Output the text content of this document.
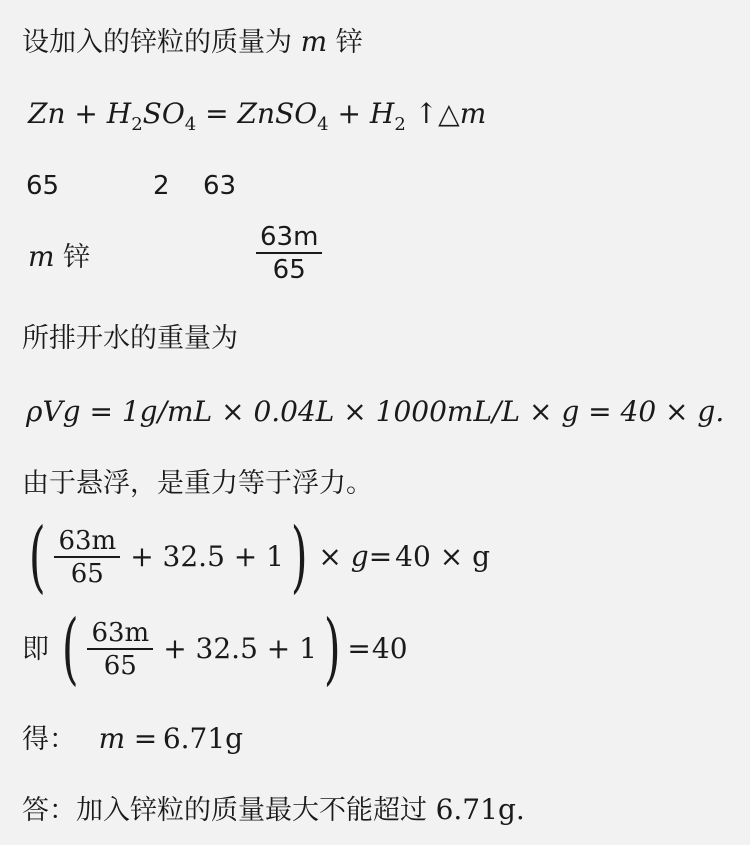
设加入的锌粒的质量为 m 锌
$Zn + H_2SO_4$ = ZnSO$_4$ + $H_2$ ↑△m
65	2 63
m 锌	$\frac{63m}{65}$
所排开水的重量为
ρVg = 1g/mL × 0.04L × 1000mL/L × g = 40 × g.
由于悬浮，是重力等于浮力。
( $\frac{63m}{65} + 32.5 + 1$ ) × g = 40 × g
即 ( $\frac{63m}{65} + 32.5 + 1$ ) = 40
得： m = 6.71g
答：加入锌粒的质量最大不能超过 6.71g.
